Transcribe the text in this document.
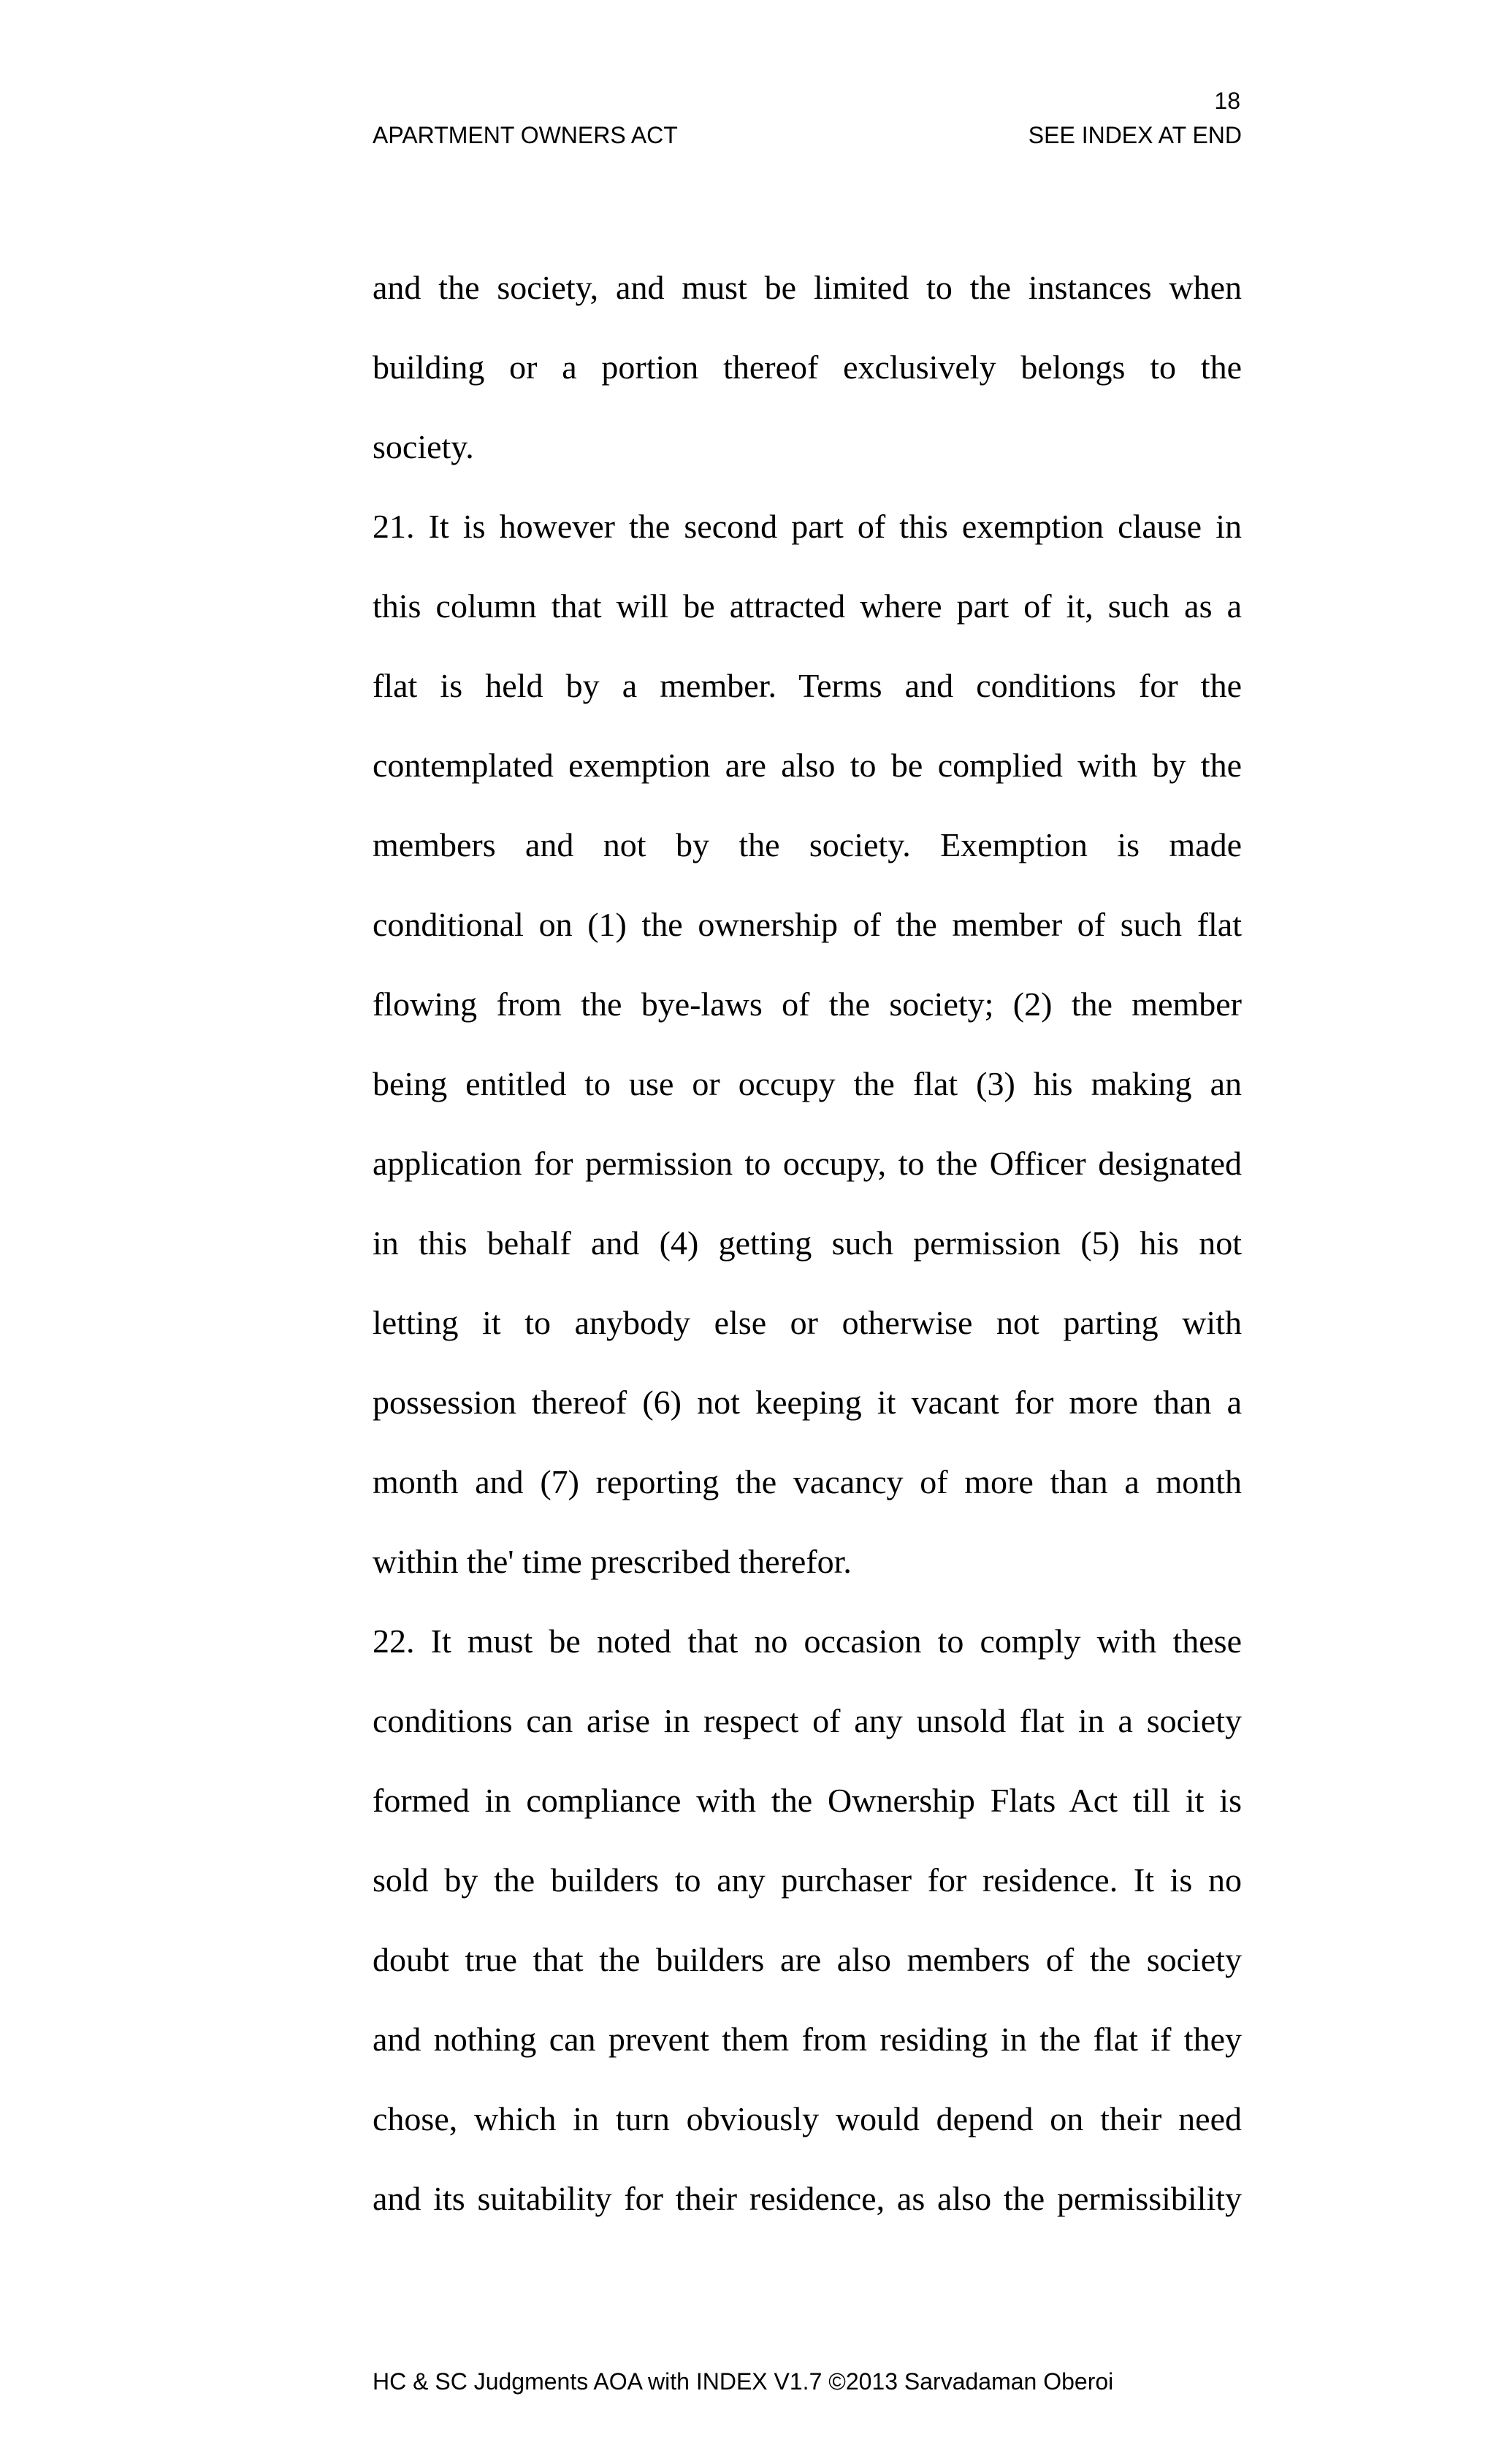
18
APARTMENT OWNERS ACT	SEE INDEX AT END
and the society, and must be limited to the instances when
building or a portion thereof exclusively belongs to the
society.
21. It is however the second part of this exemption clause in
this column that will be attracted where part of it, such as a
flat is held by a member. Terms and conditions for the
contemplated exemption are also to be complied with by the
members and not by the society. Exemption is made
conditional on (1) the ownership of the member of such flat
flowing from the bye-laws of the society; (2) the member
being entitled to use or occupy the flat (3) his making an
application for permission to occupy, to the Officer designated
in this behalf and (4) getting such permission (5) his not
letting it to anybody else or otherwise not parting with
possession thereof (6) not keeping it vacant for more than a
month and (7) reporting the vacancy of more than a month
within the' time prescribed therefor.
22. It must be noted that no occasion to comply with these
conditions can arise in respect of any unsold flat in a society
formed in compliance with the Ownership Flats Act till it is
sold by the builders to any purchaser for residence. It is no
doubt true that the builders are also members of the society
and nothing can prevent them from residing in the flat if they
chose, which in turn obviously would depend on their need
and its suitability for their residence, as also the permissibility
HC & SC Judgments AOA with INDEX V1.7 ©2013 Sarvadaman Oberoi
